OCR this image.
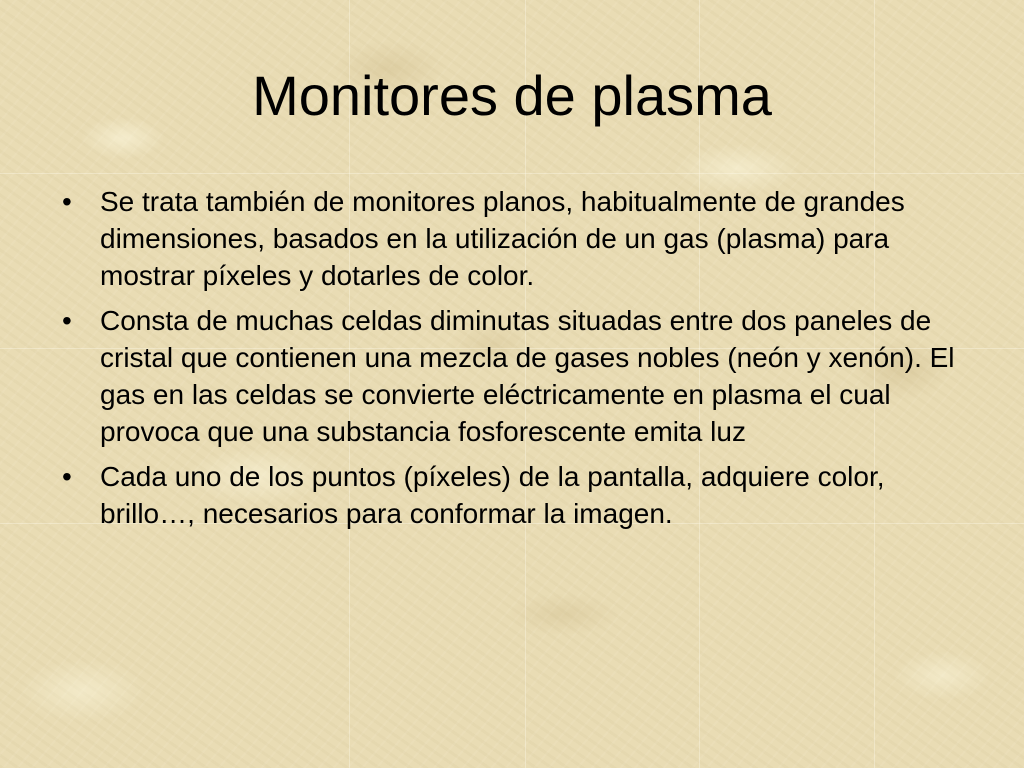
Monitores de plasma
• Se trata también de monitores planos, habitualmente de grandes dimensiones, basados en la utilización de un gas (plasma) para mostrar píxeles y dotarles de color.
• Consta de muchas celdas diminutas situadas entre dos paneles de cristal que contienen una mezcla de gases nobles (neón y xenón). El gas en las celdas se convierte eléctricamente en plasma el cual provoca que una substancia fosforescente emita luz
• Cada uno de los puntos (píxeles) de la pantalla, adquiere color, brillo…, necesarios para conformar la imagen.
